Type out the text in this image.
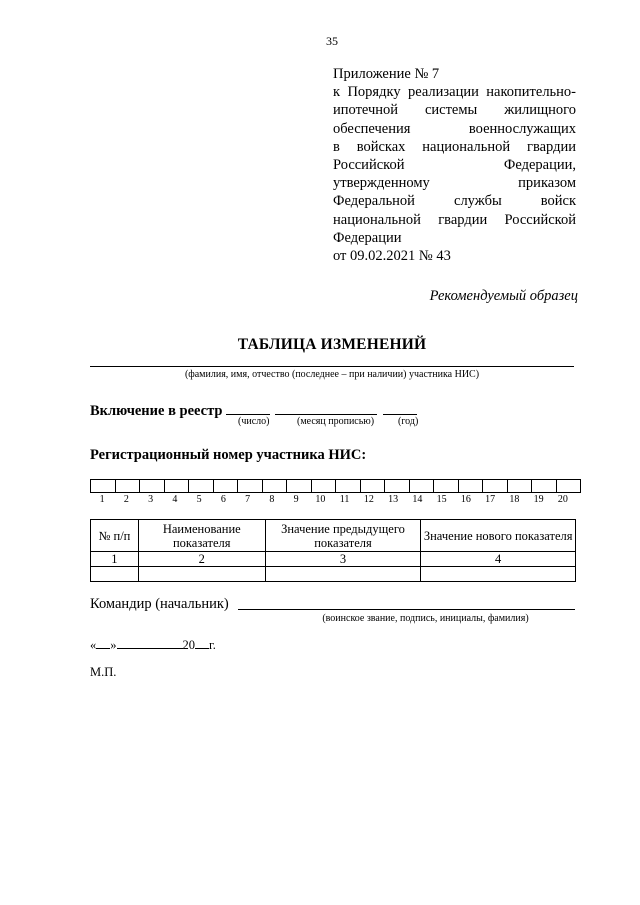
35
Приложение № 7
к Порядку реализации накопительно-
ипотечной системы жилищного
обеспечения военнослужащих
в войсках национальной гвардии
Российской Федерации,
утвержденному приказом
Федеральной службы войск
национальной гвардии Российской
Федерации
от 09.02.2021 № 43
Рекомендуемый образец
ТАБЛИЦА ИЗМЕНЕНИЙ
(фамилия, имя, отчество (последнее – при наличии) участника НИС)
Включение в реестр
(число)	(месяц прописью) (год)
Регистрационный номер участника НИС:

1	2	3	4	5	6	7	8	9	10	11	12	13	14	15	16	17	18	19	20
№ п/п	Наименование показателя	Значение предыдущего показателя	Значение нового показателя
1	2	3	4

Командир (начальник)
(воинское звание, подпись, инициалы, фамилия)
« »	20 г.
М.П.
